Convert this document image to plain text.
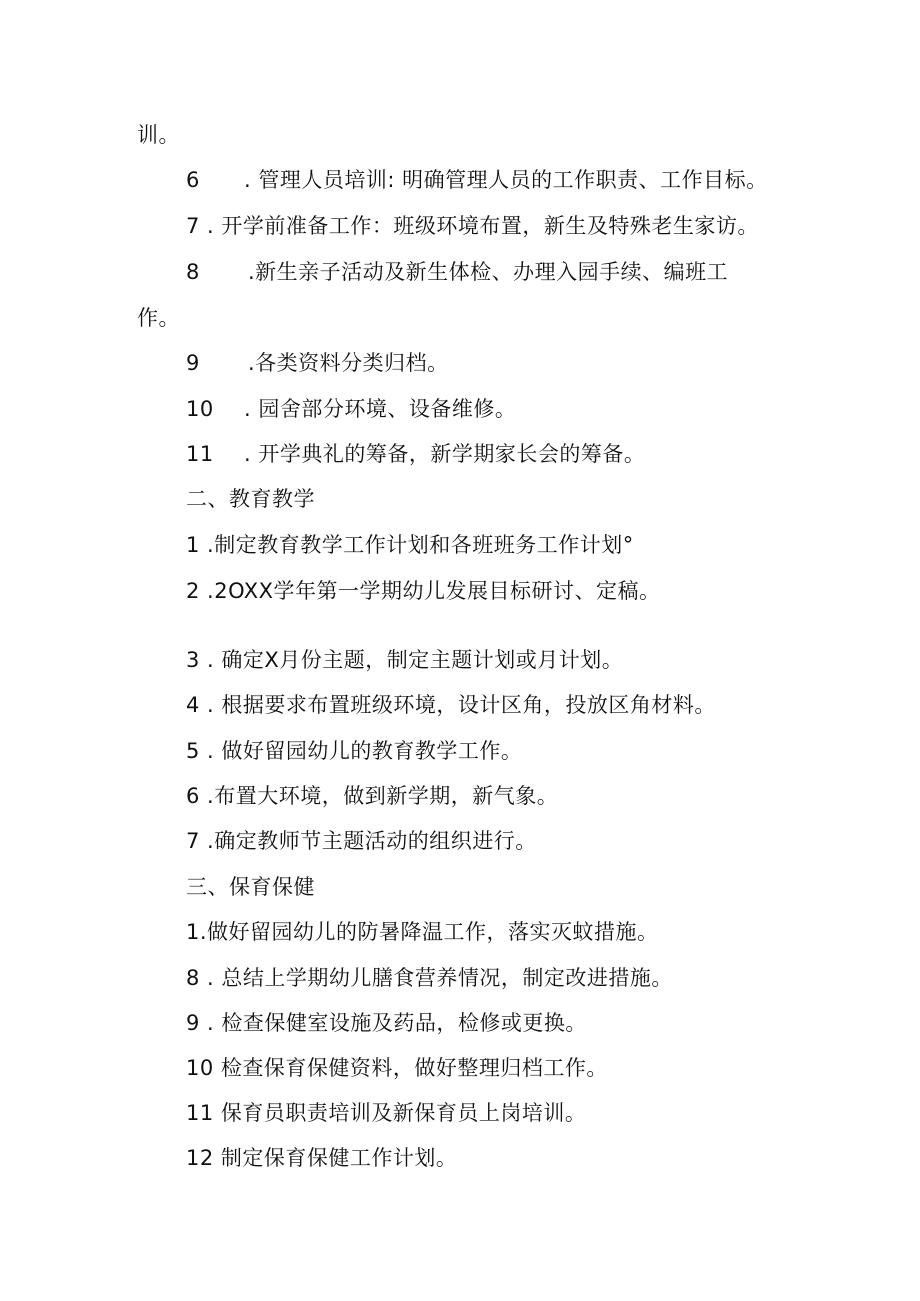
训。
6 . 管理人员培训: 明确管理人员的工作职责、工作目标。
7 . 开学前准备工作：班级环境布置，新生及特殊老生家访。
8 .新生亲子活动及新生体检、办理入园手续、编班工
作。
9 .各类资料分类归档。
10 . 园舍部分环境、设备维修。
11 . 开学典礼的筹备，新学期家长会的筹备。
二、教育教学
1 .制定教育教学工作计划和各班班务工作计划°
2 .2OXX学年第一学期幼儿发展目标研讨、定稿。
3 . 确定X月份主题，制定主题计划或月计划。
4 . 根据要求布置班级环境，设计区角，投放区角材料。
5 . 做好留园幼儿的教育教学工作。
6 .布置大环境，做到新学期，新气象。
7 .确定教师节主题活动的组织进行。
三、保育保健
1.做好留园幼儿的防暑降温工作，落实灭蚊措施。
8 . 总结上学期幼儿膳食营养情况，制定改进措施。
9 . 检查保健室设施及药品，检修或更换。
10 检查保育保健资料，做好整理归档工作。
11 保育员职责培训及新保育员上岗培训。
12 制定保育保健工作计划。
